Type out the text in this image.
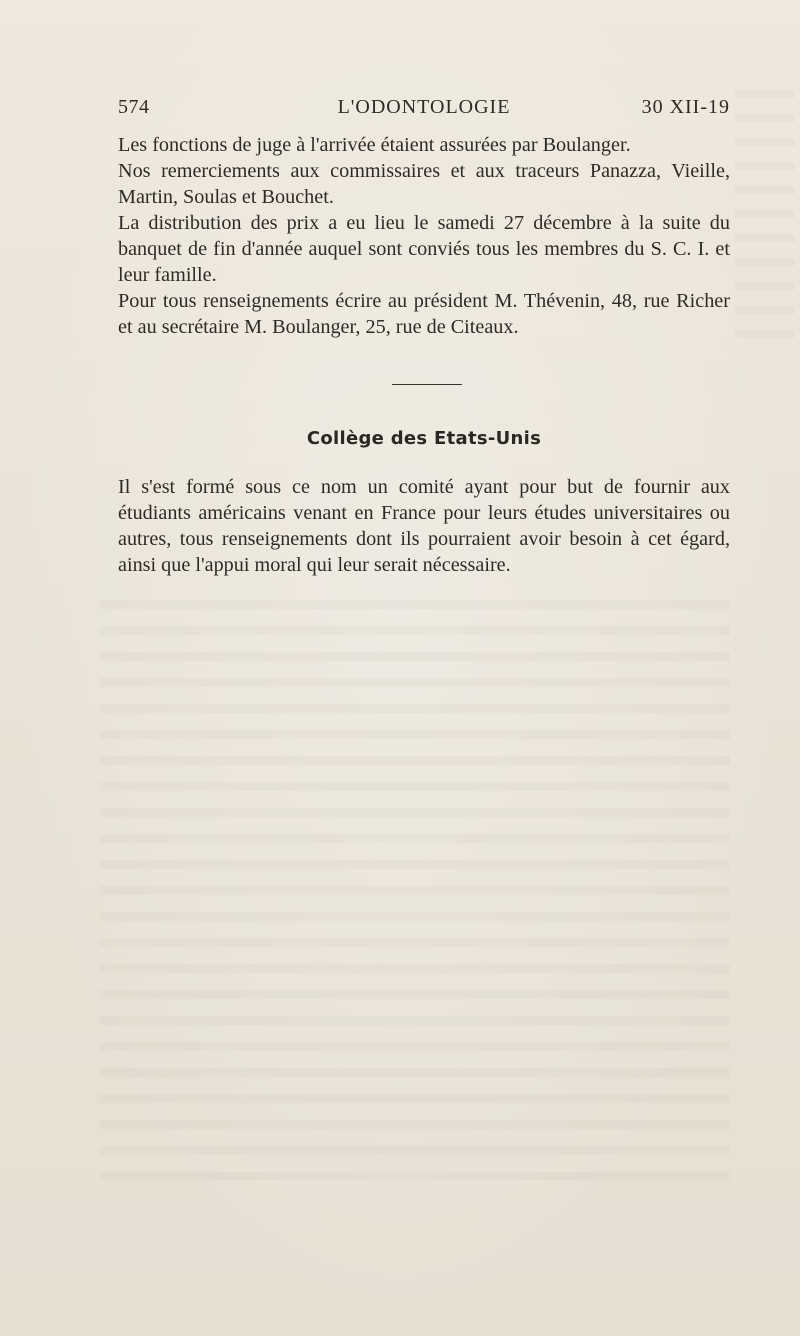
574	L'ODONTOLOGIE	30 XII-19

Les fonctions de juge à l'arrivée étaient assurées par Boulanger.

Nos remerciements aux commissaires et aux traceurs Panazza, Vieille, Martin, Soulas et Bouchet.

La distribution des prix a eu lieu le samedi 27 décembre à la suite du banquet de fin d'année auquel sont conviés tous les membres du S. C. I. et leur famille.

Pour tous renseignements écrire au président M. Thévenin, 48, rue Richer et au secrétaire M. Boulanger, 25, rue de Citeaux.

Collège des Etats-Unis

Il s'est formé sous ce nom un comité ayant pour but de fournir aux étudiants américains venant en France pour leurs études universitaires ou autres, tous renseignements dont ils pourraient avoir besoin à cet égard, ainsi que l'appui moral qui leur serait nécessaire.
